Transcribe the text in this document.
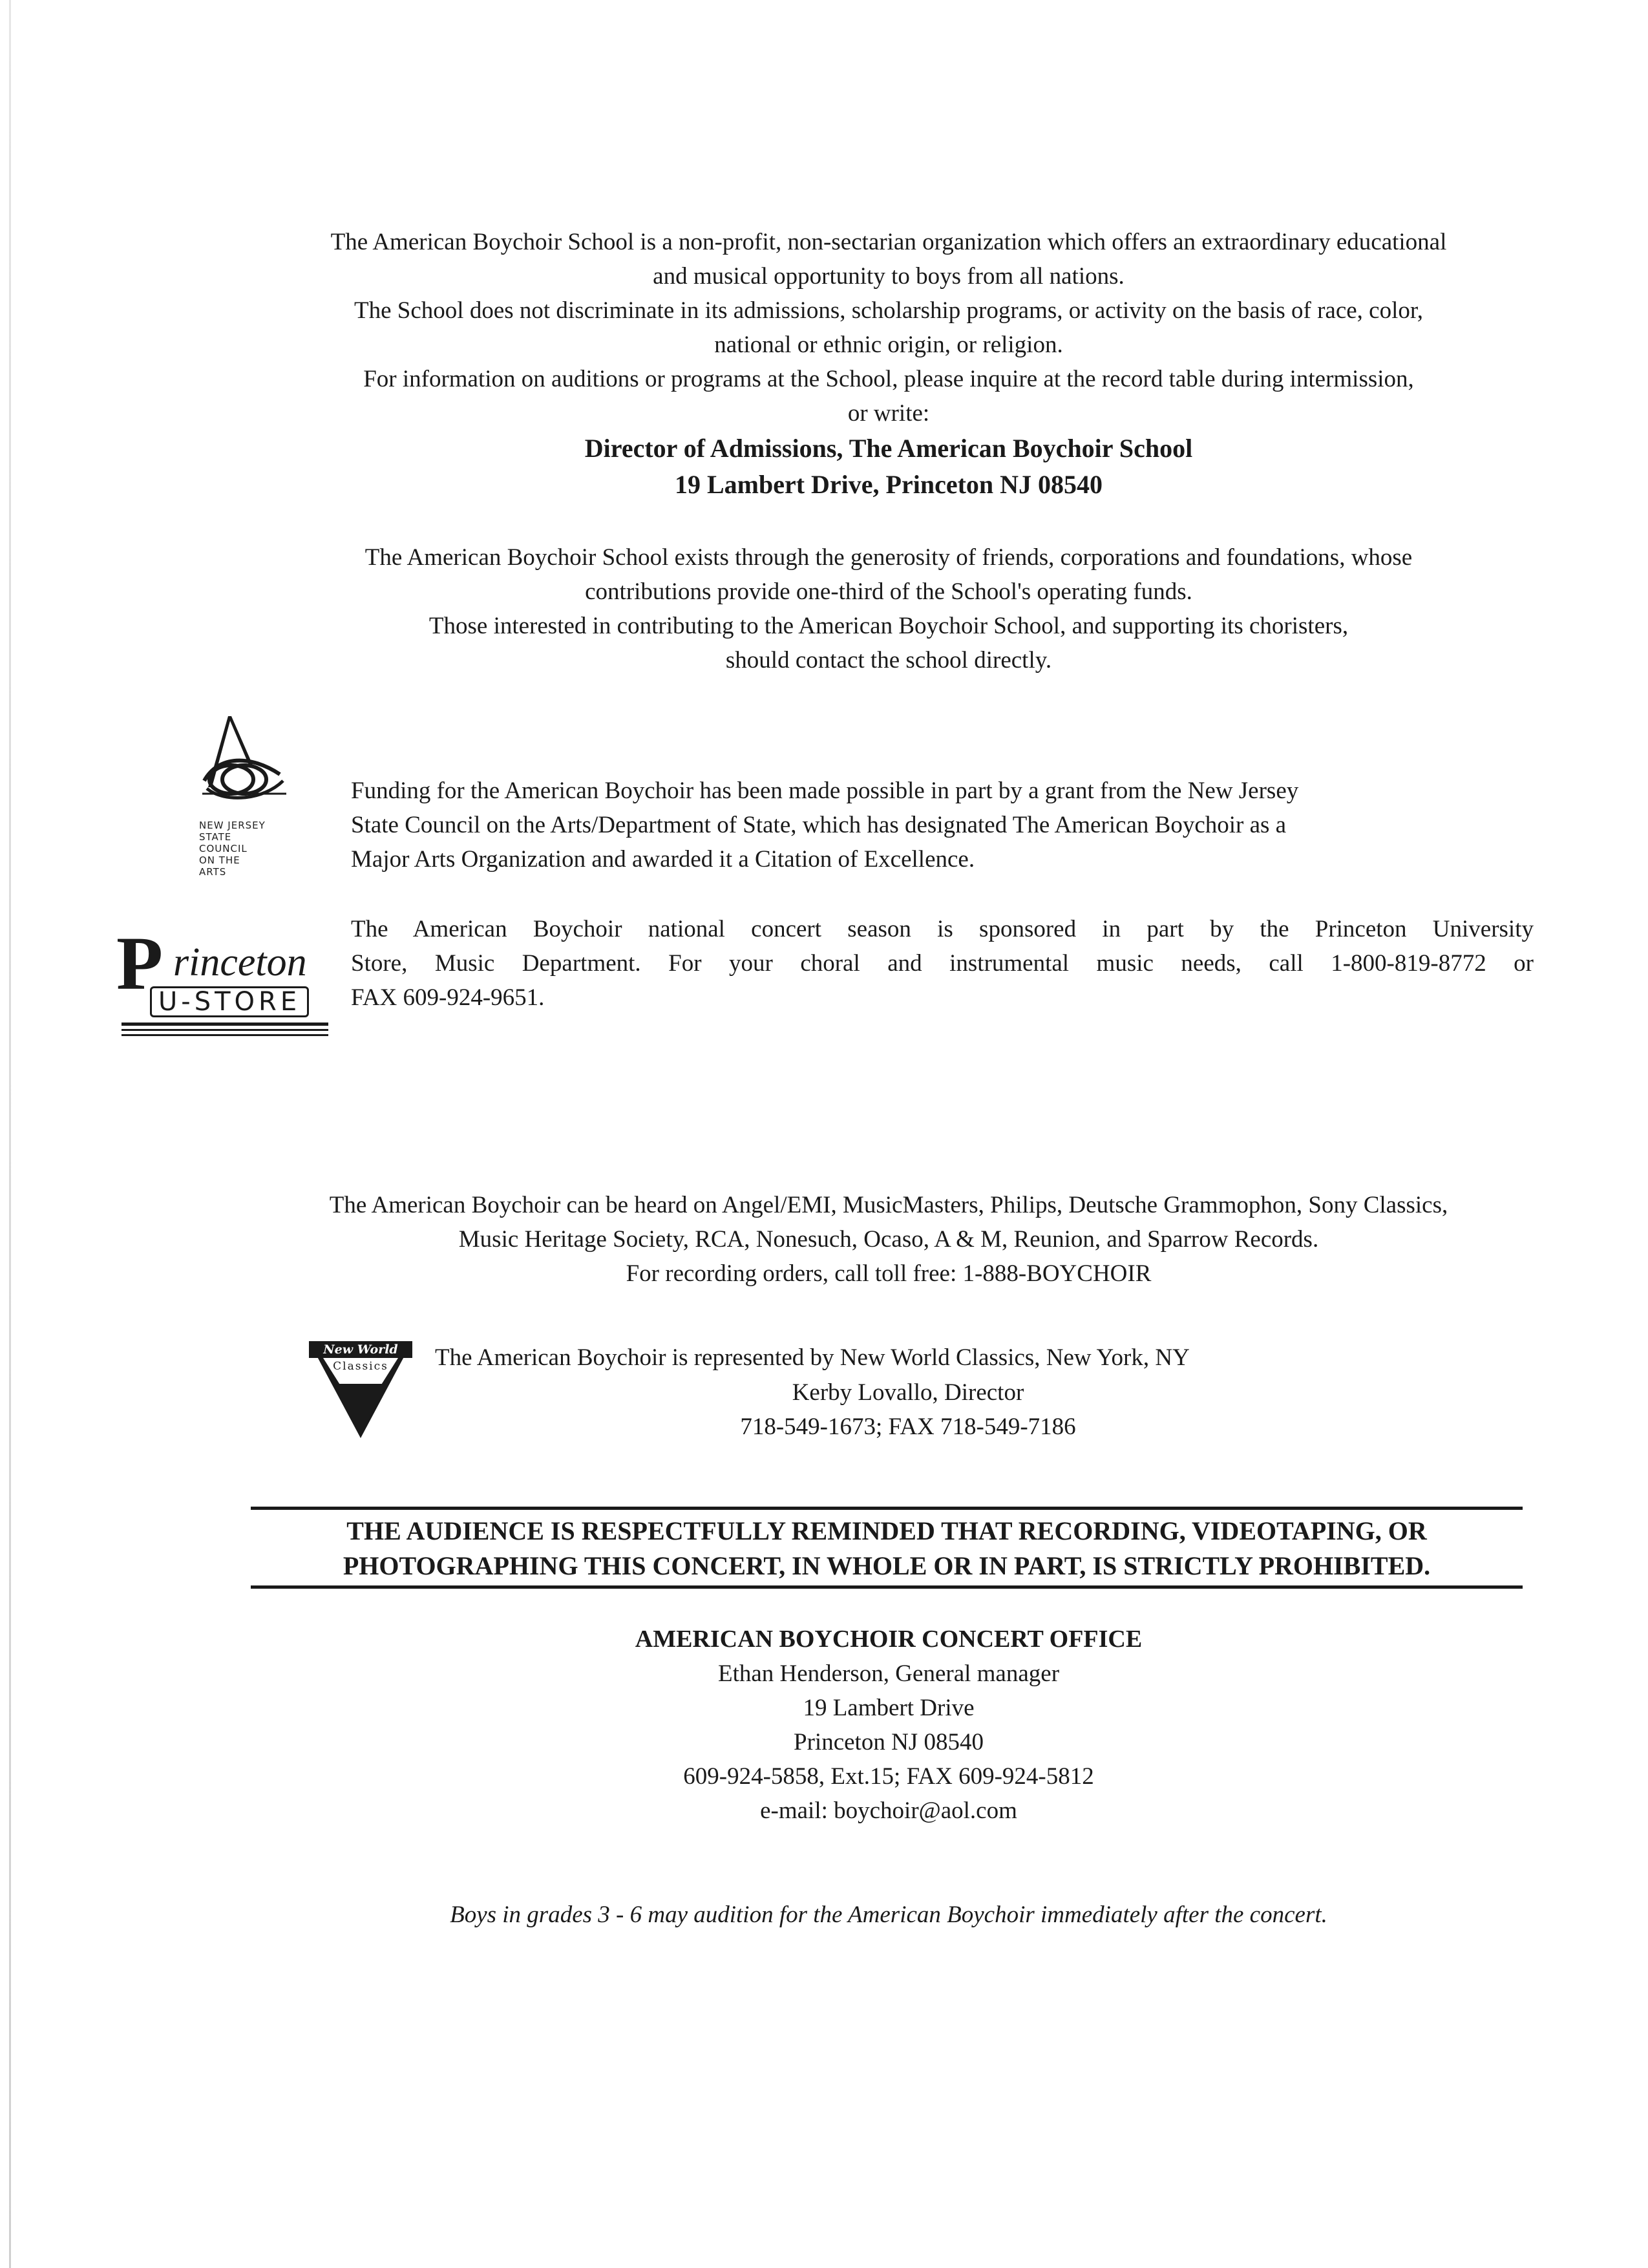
The American Boychoir School is a non-profit, non-sectarian organization which offers an extraordinary educational
and musical opportunity to boys from all nations.
The School does not discriminate in its admissions, scholarship programs, or activity on the basis of race, color,
national or ethnic origin, or religion.
For information on auditions or programs at the School, please inquire at the record table during intermission,
or write:
Director of Admissions, The American Boychoir School
19 Lambert Drive, Princeton NJ 08540
The American Boychoir School exists through the generosity of friends, corporations and foundations, whose
contributions provide one-third of the School's operating funds.
Those interested in contributing to the American Boychoir School, and supporting its choristers,
should contact the school directly.
NEW JERSEY
STATE
COUNCIL
ON THE
ARTS
Funding for the American Boychoir has been made possible in part by a grant from the New Jersey
State Council on the Arts/Department of State, which has designated The American Boychoir as a
Major Arts Organization and awarded it a Citation of Excellence.
P rinceton
U-STORE
The American Boychoir national concert season is sponsored in part by the Princeton University
Store, Music Department. For your choral and instrumental music needs, call 1-800-819-8772 or
FAX 609-924-9651.
The American Boychoir can be heard on Angel/EMI, MusicMasters, Philips, Deutsche Grammophon, Sony Classics,
Music Heritage Society, RCA, Nonesuch, Ocaso, A & M, Reunion, and Sparrow Records.
For recording orders, call toll free: 1-888-BOYCHOIR
New World
Classics	The American Boychoir is represented by New World Classics, New York, NY
Kerby Lovallo, Director
718-549-1673; FAX 718-549-7186
THE AUDIENCE IS RESPECTFULLY REMINDED THAT RECORDING, VIDEOTAPING, OR
PHOTOGRAPHING THIS CONCERT, IN WHOLE OR IN PART, IS STRICTLY PROHIBITED.
AMERICAN BOYCHOIR CONCERT OFFICE
Ethan Henderson, General manager
19 Lambert Drive
Princeton NJ 08540
609-924-5858, Ext.15; FAX 609-924-5812
e-mail: boychoir@aol.com
Boys in grades 3 - 6 may audition for the American Boychoir immediately after the concert.
